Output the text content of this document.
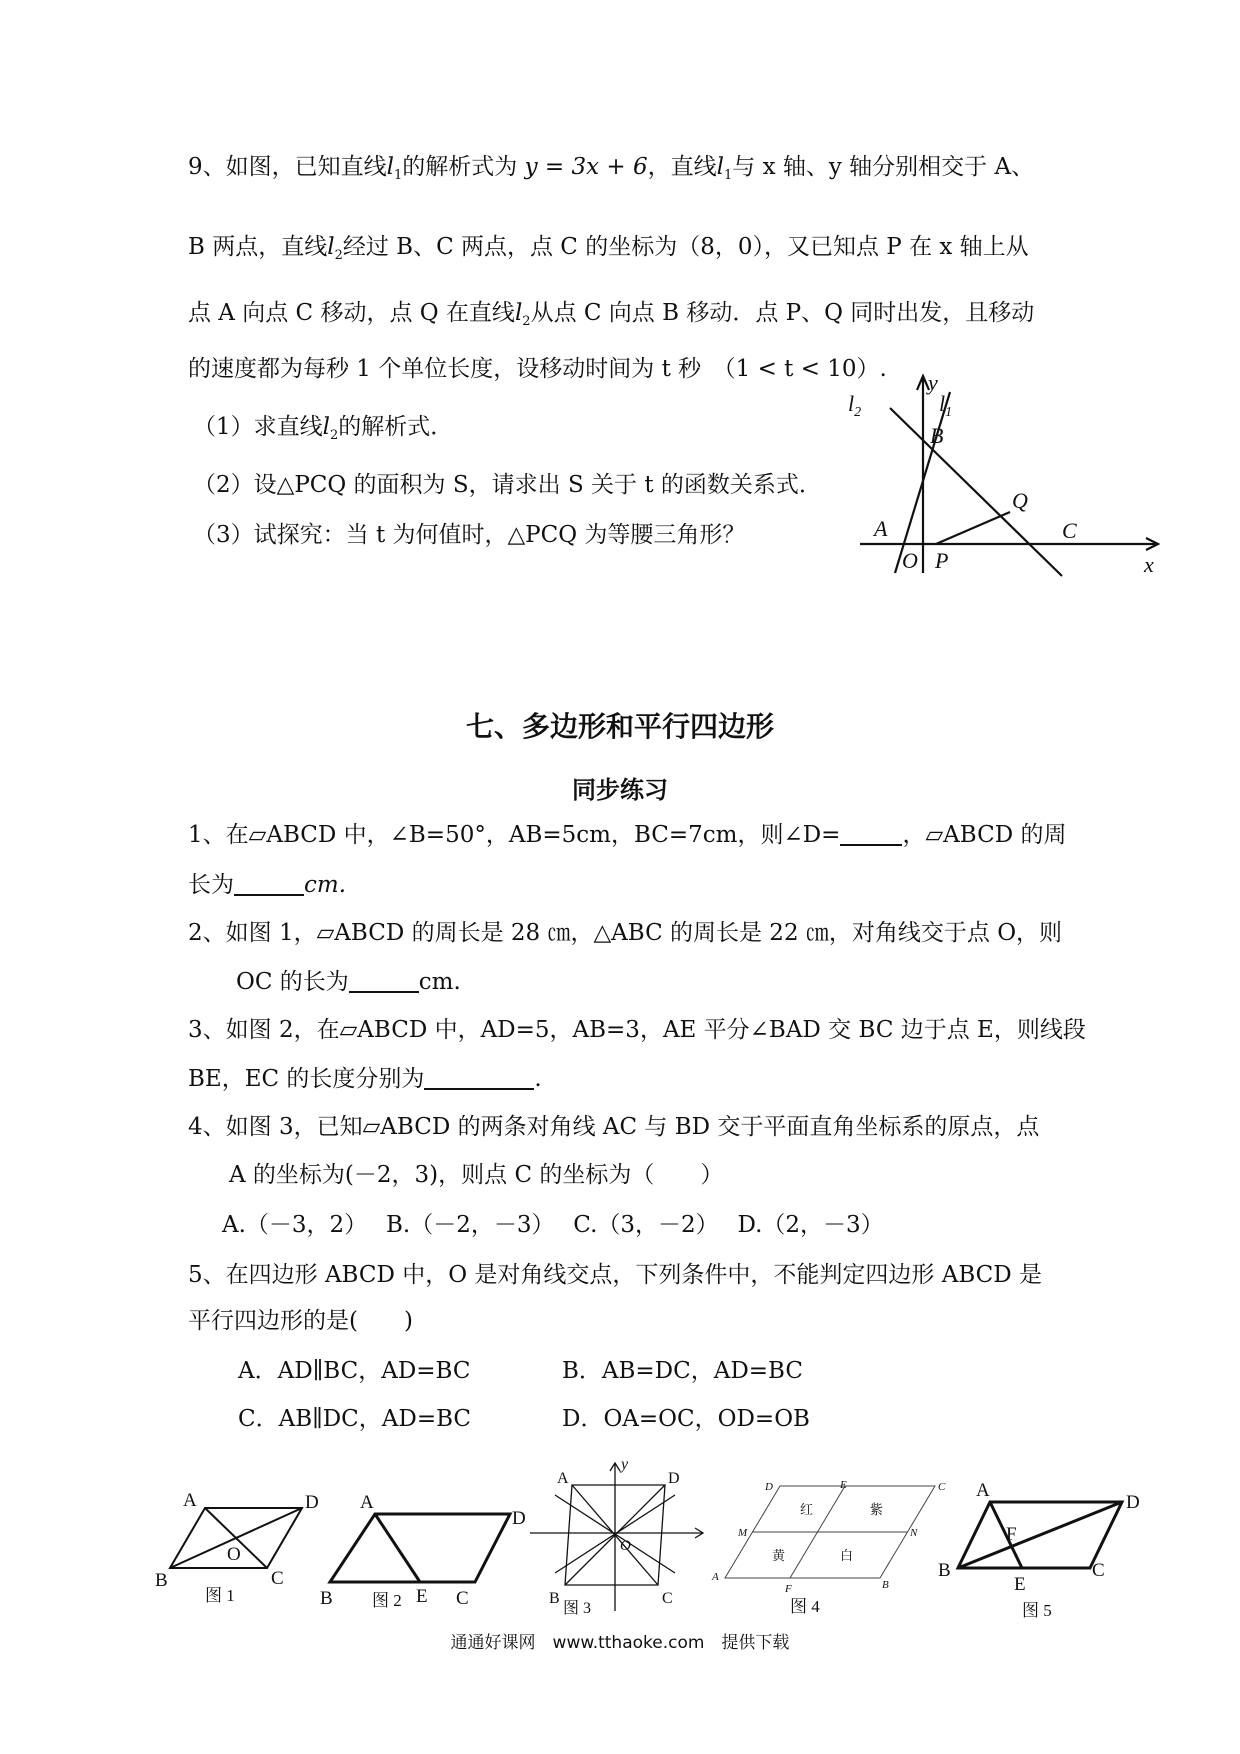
9、如图，已知直线$l_1$的解析式为 y = 3x + 6，直线$l_1$与 x 轴、y 轴分别相交于 A、
B 两点，直线$l_2$经过 B、C 两点，点 C 的坐标为（8，0），又已知点 P 在 x 轴上从
点 A 向点 C 移动，点 Q 在直线$l_2$从点 C 向点 B 移动．点 P、Q 同时出发，且移动
的速度都为每秒 1 个单位长度，设移动时间为 t 秒　（1 < t < 10）.
（1）求直线$l_2$的解析式．
（2）设△PCQ 的面积为 S，请求出 S 关于 t 的函数关系式．
（3）试探究：当 t 为何值时，△PCQ 为等腰三角形？
y
x
$l_2$	$l_1$
B
A
O P
Q
C
七、多边形和平行四边形
同步练习
1、在▱ABCD 中，∠B=50°，AB=5cm，BC=7cm，则∠D=	，▱ABCD 的周
长为	cm.
2、如图 1，▱ABCD 的周长是 28 ㎝，△ABC 的周长是 22 ㎝，对角线交于点 O，则
OC 的长为	cm.
3、如图 2，在▱ABCD 中，AD=5，AB=3，AE 平分∠BAD 交 BC 边于点 E，则线段
BE，EC 的长度分别为	.
4、如图 3，已知▱ABCD 的两条对角线 AC 与 BD 交于平面直角坐标系的原点，点
A 的坐标为(－2，3)，则点 C 的坐标为（　　）
A.（－3，2）　 B.（－2，－3）　 C.（3，－2）　 D.（2，－3）
5、在四边形 ABCD 中，O 是对角线交点，下列条件中，不能判定四边形 ABCD 是
平行四边形的是(　　)
A．AD∥BC，AD=BC	B．AB=DC，AD=BC
C．AB∥DC，AD=BC	D．OA=OC，OD=OB
A	D
B	C
O
图 1
A
D
B	E C
图 2
y
A	D
B	C
O
图 3
D	E	C
M	N
A
F	B
红	紫
黄	白
图 4
A
D
B
E
C
F
图 5
通通好课网　www.tthaoke.com　提供下载
